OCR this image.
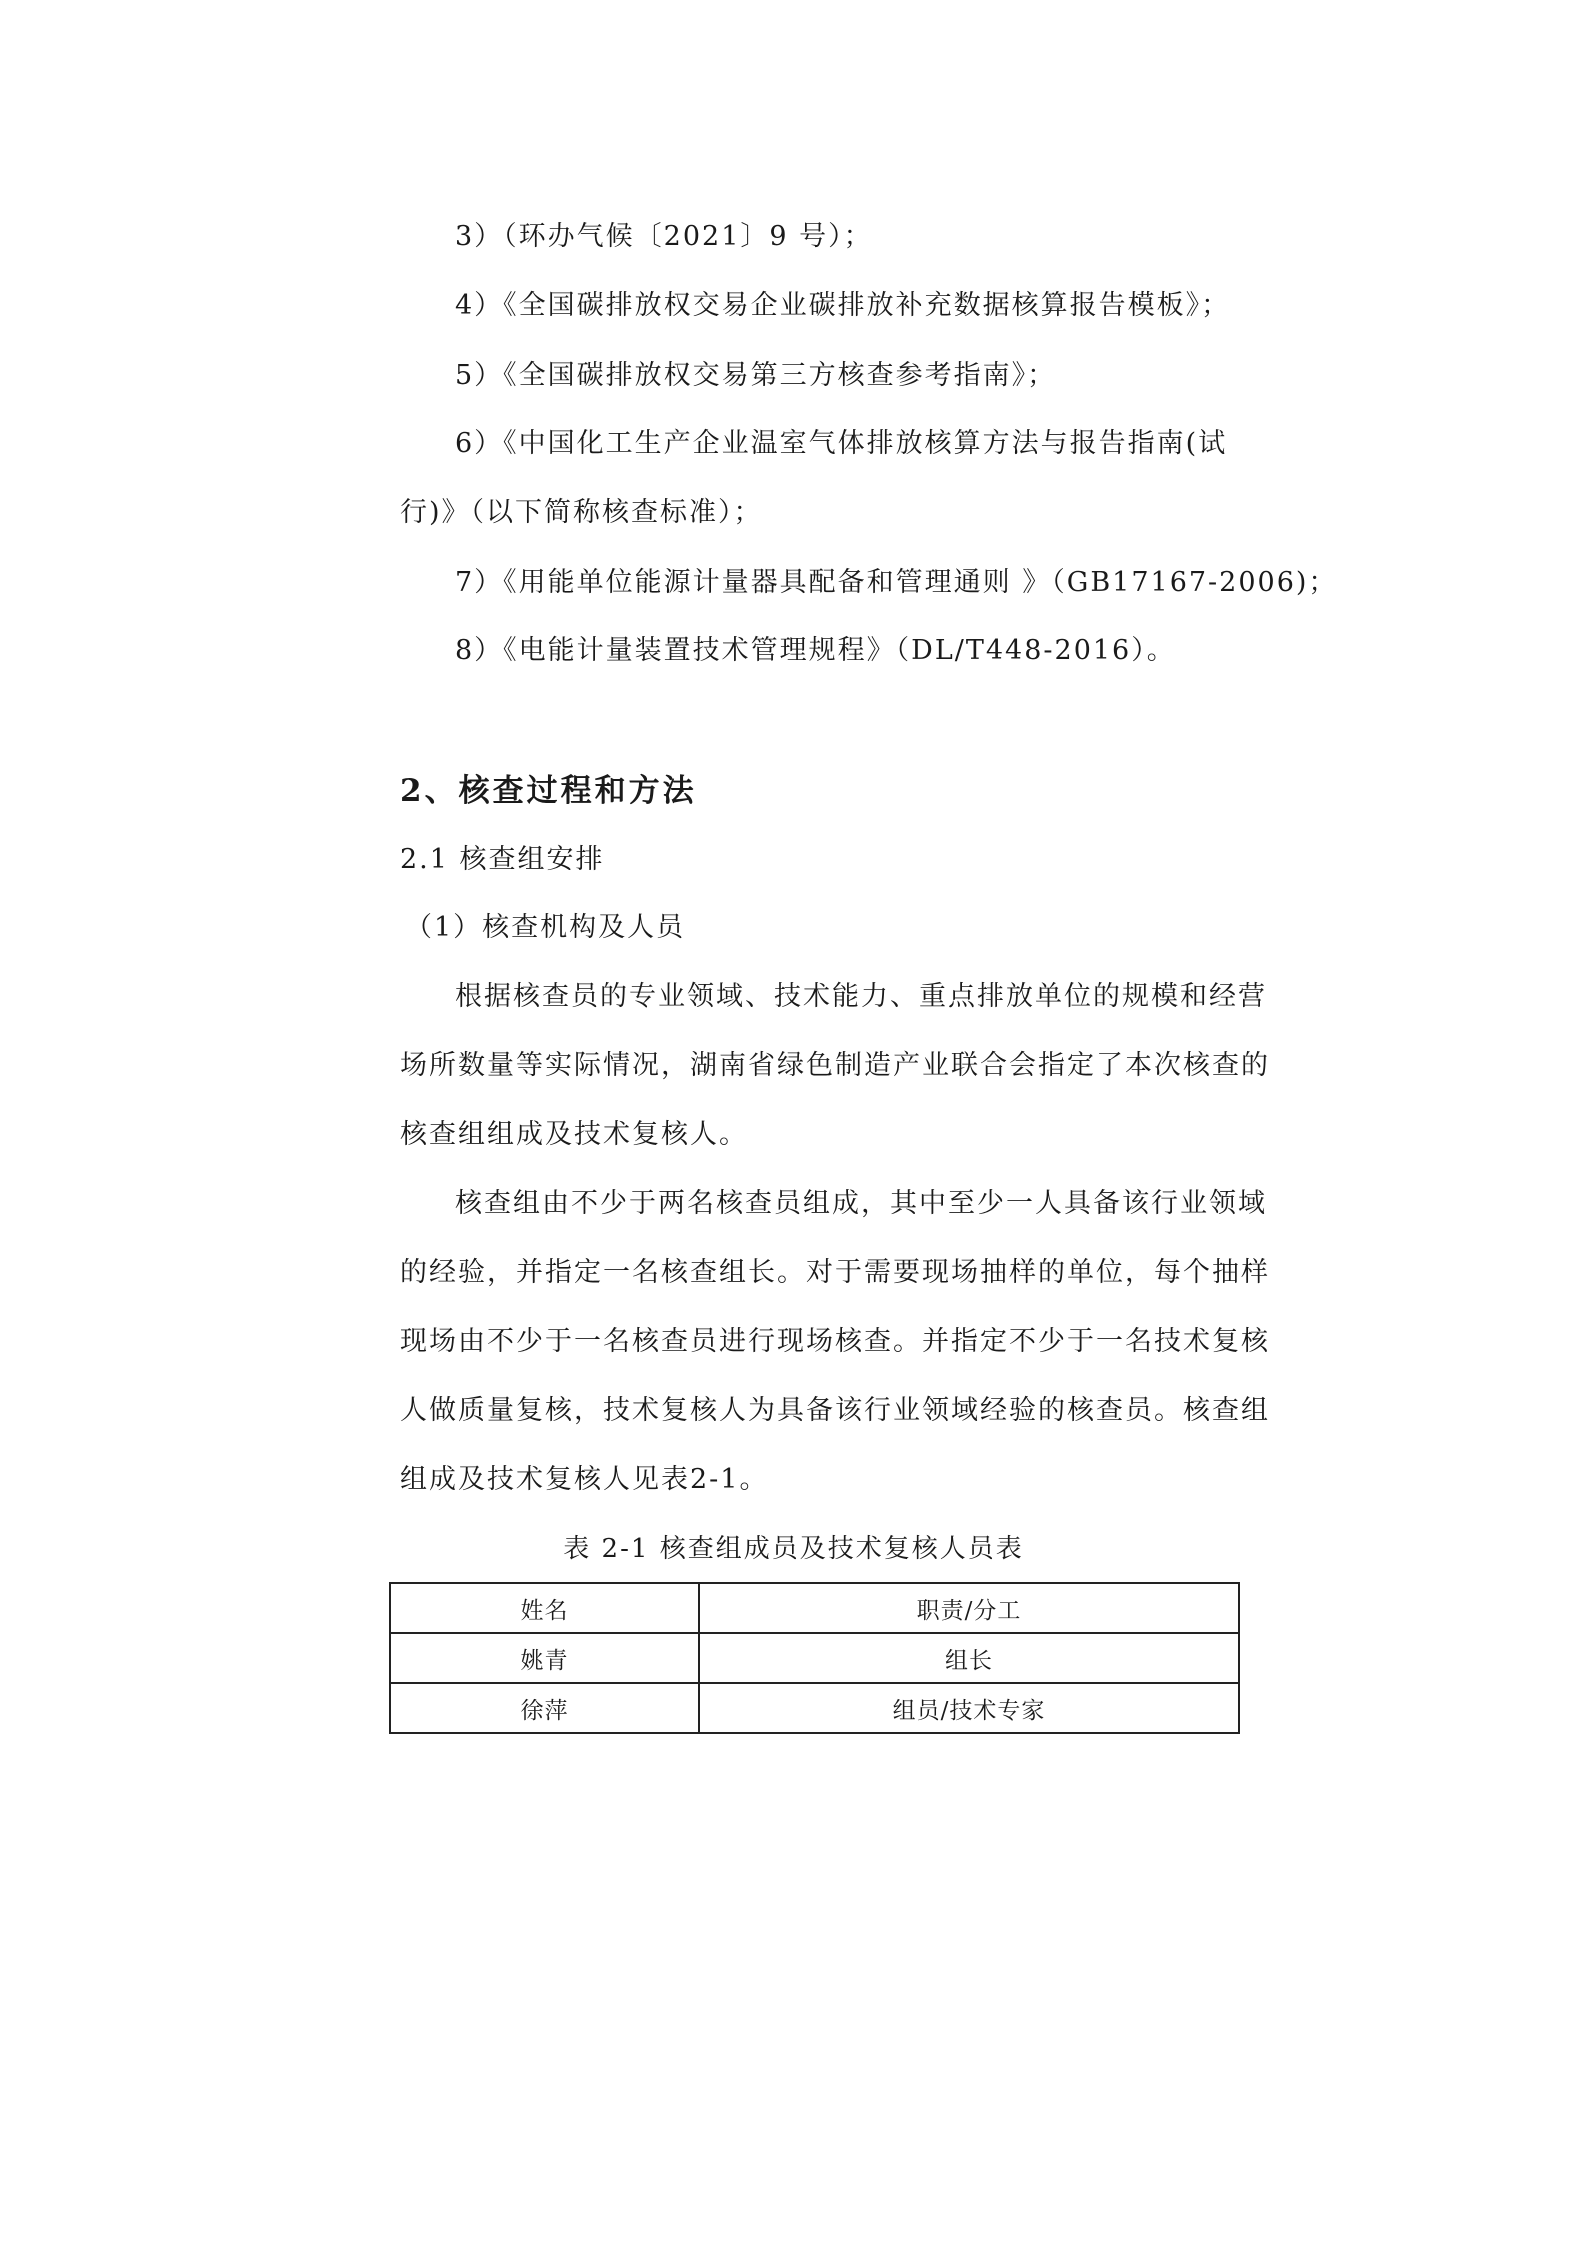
3）（环办气候〔2021〕9 号）；
4）《全国碳排放权交易企业碳排放补充数据核算报告模板》；
5）《全国碳排放权交易第三方核查参考指南》；
6）《中国化工生产企业温室气体排放核算方法与报告指南(试
行)》（以下简称核查标准）；
7）《用能单位能源计量器具配备和管理通则 》（GB17167-2006)；
8）《电能计量装置技术管理规程》（DL/T448-2016）。
2、核查过程和方法
2.1 核查组安排
（1）核查机构及人员
根据核查员的专业领域、技术能力、重点排放单位的规模和经营
场所数量等实际情况，湖南省绿色制造产业联合会指定了本次核查的
核查组组成及技术复核人。
核查组由不少于两名核查员组成，其中至少一人具备该行业领域
的经验，并指定一名核查组长。对于需要现场抽样的单位，每个抽样
现场由不少于一名核查员进行现场核查。并指定不少于一名技术复核
人做质量复核，技术复核人为具备该行业领域经验的核查员。核查组
组成及技术复核人见表2-1。
表 2-1 核查组成员及技术复核人员表
姓名	职责/分工
姚青	组长
徐萍	组员/技术专家
